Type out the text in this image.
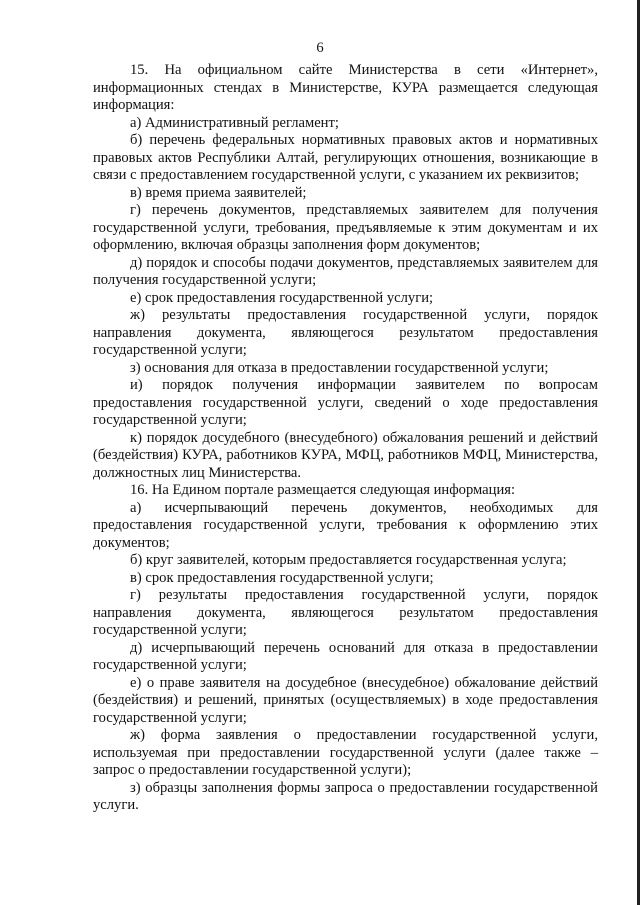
6

15. На официальном сайте Министерства в сети «Интернет», информационных стендах в Министерстве, КУРА размещается следующая информация:

а) Административный регламент;

б) перечень федеральных нормативных правовых актов и нормативных правовых актов Республики Алтай, регулирующих отношения, возникающие в связи с предоставлением государственной услуги, с указанием их реквизитов;

в) время приема заявителей;

г) перечень документов, представляемых заявителем для получения государственной услуги, требования, предъявляемые к этим документам и их оформлению, включая образцы заполнения форм документов;

д) порядок и способы подачи документов, представляемых заявителем для получения государственной услуги;

е) срок предоставления государственной услуги;

ж) результаты предоставления государственной услуги, порядок направления документа, являющегося результатом предоставления государственной услуги;

з) основания для отказа в предоставлении государственной услуги;

и) порядок получения информации заявителем по вопросам предоставления государственной услуги, сведений о ходе предоставления государственной услуги;

к) порядок досудебного (внесудебного) обжалования решений и действий (бездействия) КУРА, работников КУРА, МФЦ, работников МФЦ, Министерства, должностных лиц Министерства.

16. На Едином портале размещается следующая информация:

а) исчерпывающий перечень документов, необходимых для предоставления государственной услуги, требования к оформлению этих документов;

б) круг заявителей, которым предоставляется государственная услуга;

в) срок предоставления государственной услуги;

г) результаты предоставления государственной услуги, порядок направления документа, являющегося результатом предоставления государственной услуги;

д) исчерпывающий перечень оснований для отказа в предоставлении государственной услуги;

е) о праве заявителя на досудебное (внесудебное) обжалование действий (бездействия) и решений, принятых (осуществляемых) в ходе предоставления государственной услуги;

ж) форма заявления о предоставлении государственной услуги, используемая при предоставлении государственной услуги (далее также – запрос о предоставлении государственной услуги);

з) образцы заполнения формы запроса о предоставлении государственной услуги.
